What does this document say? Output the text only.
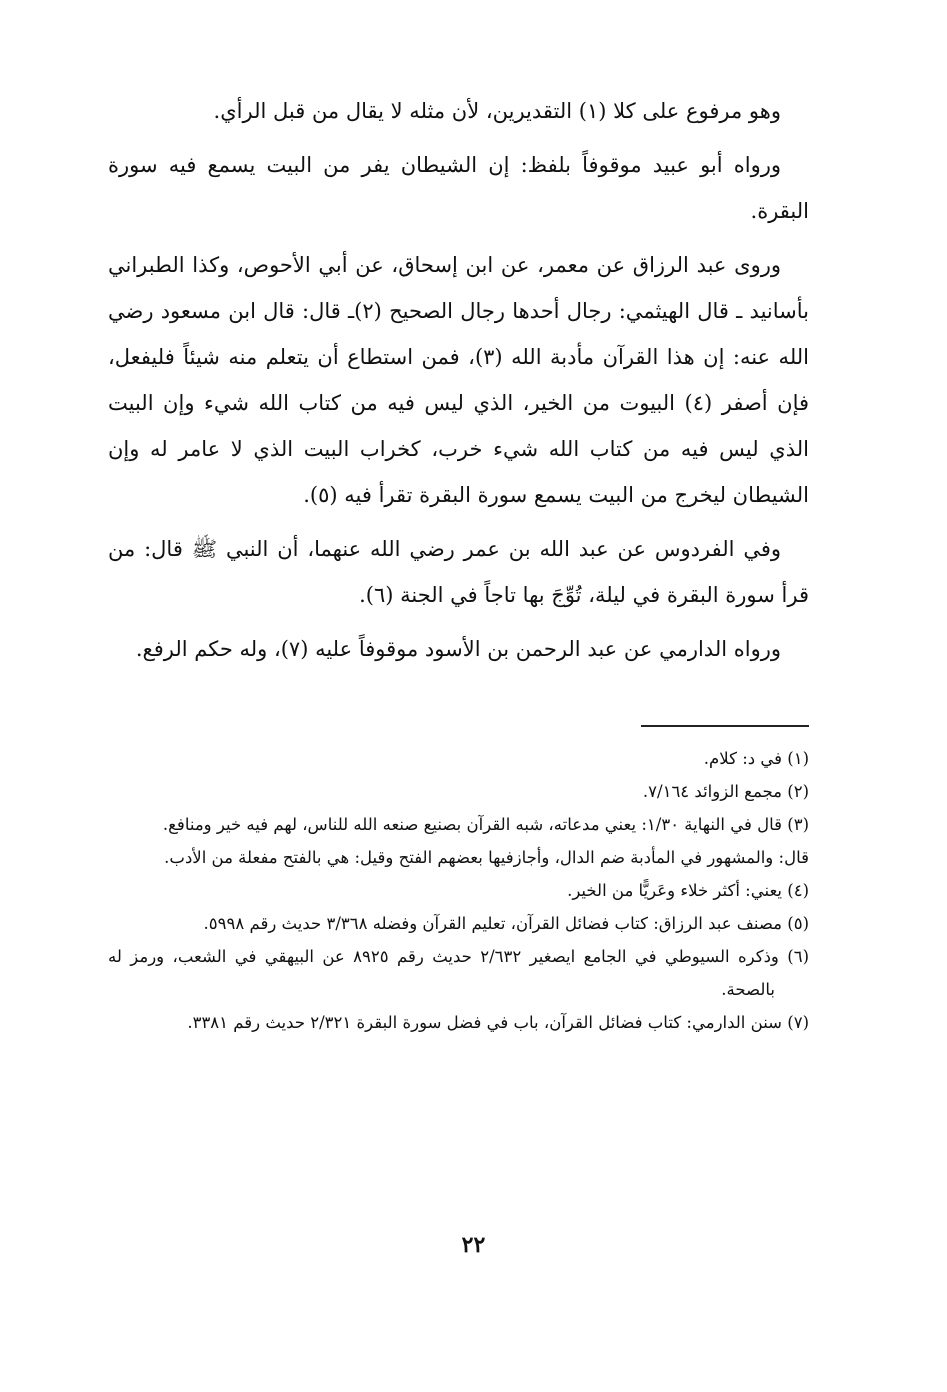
وهو مرفوع على كلا (١) التقديرين، لأن مثله لا يقال من قبل الرأي.

ورواه أبو عبيد موقوفاً بلفظ: إن الشيطان يفر من البيت يسمع فيه سورة البقرة.

وروى عبد الرزاق عن معمر، عن ابن إسحاق، عن أبي الأحوص، وكذا الطبراني بأسانيد ـ قال الهيثمي: رجال أحدها رجال الصحيح (٢)ـ قال: قال ابن مسعود رضي الله عنه: إن هذا القرآن مأدبة الله (٣)، فمن استطاع أن يتعلم منه شيئاً فليفعل، فإن أصفر (٤) البيوت من الخير، الذي ليس فيه من كتاب الله شيء وإن البيت الذي ليس فيه من كتاب الله شيء خرب، كخراب البيت الذي لا عامر له وإن الشيطان ليخرج من البيت يسمع سورة البقرة تقرأ فيه (٥).

وفي الفردوس عن عبد الله بن عمر رضي الله عنهما، أن النبي ﷺ قال: من قرأ سورة البقرة في ليلة، تُوِّجَ بها تاجاً في الجنة (٦).

ورواه الدارمي عن عبد الرحمن بن الأسود موقوفاً عليه (٧)، وله حكم الرفع.

(١) في د: كلام.

(٢) مجمع الزوائد ٧/١٦٤.

(٣) قال في النهاية ١/٣٠: يعني مدعاته، شبه القرآن بصنيع صنعه الله للناس، لهم فيه خير ومنافع.

قال: والمشهور في المأدبة ضم الدال، وأجازفيها بعضهم الفتح وقيل: هي بالفتح مفعلة من الأدب.

(٤) يعني: أكثر خلاء وعَريًّا من الخير.

(٥) مصنف عبد الرزاق: كتاب فضائل القرآن، تعليم القرآن وفضله ٣/٣٦٨ حديث رقم ٥٩٩٨.

(٦) وذكره السيوطي في الجامع ايصغير ٢/٦٣٢ حديث رقم ٨٩٢٥ عن البيهقي في الشعب، ورمز له بالصحة.

(٧) سنن الدارمي: كتاب فضائل القرآن، باب في فضل سورة البقرة ٢/٣٢١ حديث رقم ٣٣٨١.

٢٢
